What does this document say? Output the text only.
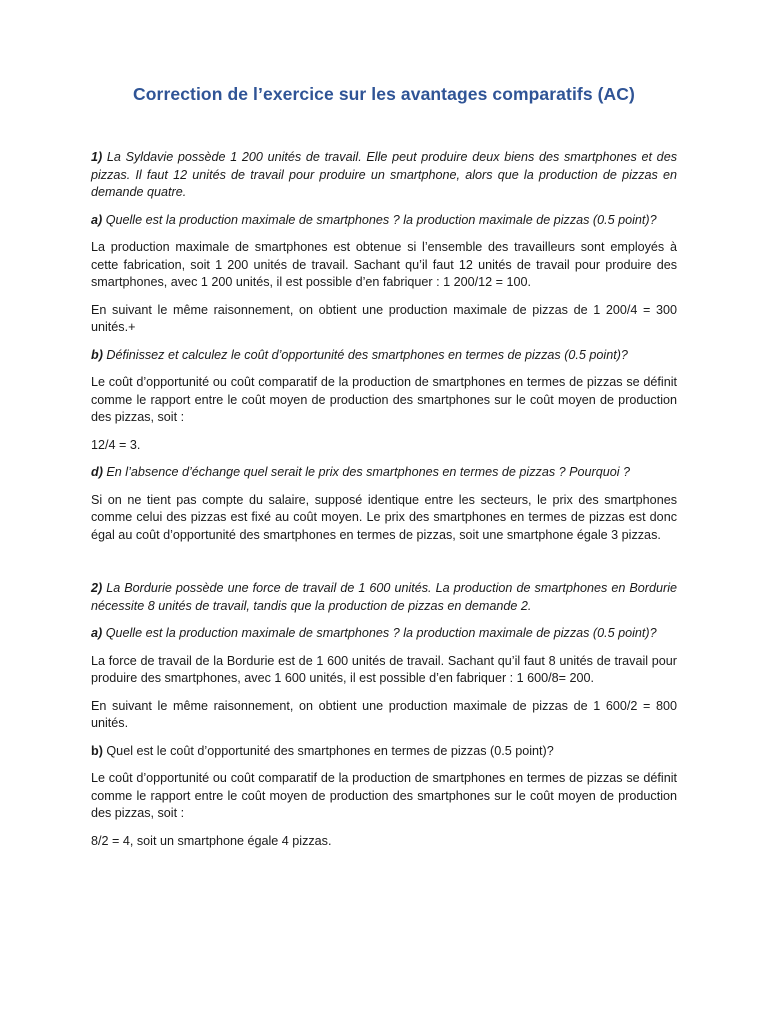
Correction de l’exercice sur les avantages comparatifs (AC)

1) La Syldavie possède 1 200 unités de travail. Elle peut produire deux biens des smartphones et des pizzas. Il faut 12 unités de travail pour produire un smartphone, alors que la production de pizzas en demande quatre.

a) Quelle est la production maximale de smartphones ? la production maximale de pizzas (0.5 point)?

La production maximale de smartphones est obtenue si l’ensemble des travailleurs sont employés à cette fabrication, soit 1 200 unités de travail. Sachant qu’il faut 12 unités de travail pour produire des smartphones, avec 1 200 unités, il est possible d’en fabriquer : 1 200/12 = 100.

En suivant le même raisonnement, on obtient une production maximale de pizzas de 1 200/4 = 300 unités.+

b) Définissez et calculez le coût d’opportunité des smartphones en termes de pizzas (0.5 point)?

Le coût d’opportunité ou coût comparatif de la production de smartphones en termes de pizzas se définit comme le rapport entre le coût moyen de production des smartphones sur le coût moyen de production des pizzas, soit :

12/4 = 3.

d) En l’absence d’échange quel serait le prix des smartphones en termes de pizzas ? Pourquoi ?

Si on ne tient pas compte du salaire, supposé identique entre les secteurs, le prix des smartphones comme celui des pizzas est fixé au coût moyen. Le prix des smartphones en termes de pizzas est donc égal au coût d’opportunité des smartphones en termes de pizzas, soit une smartphone égale 3 pizzas.

2) La Bordurie possède une force de travail de 1 600 unités. La production de smartphones en Bordurie nécessite 8 unités de travail, tandis que la production de pizzas en demande 2.

a) Quelle est la production maximale de smartphones ? la production maximale de pizzas (0.5 point)?

La force de travail de la Bordurie est de 1 600 unités de travail. Sachant qu’il faut 8 unités de travail pour produire des smartphones, avec 1 600 unités, il est possible d’en fabriquer : 1 600/8= 200.

En suivant le même raisonnement, on obtient une production maximale de pizzas de 1 600/2 = 800 unités.

b) Quel est le coût d’opportunité des smartphones en termes de pizzas (0.5 point)?

Le coût d’opportunité ou coût comparatif de la production de smartphones en termes de pizzas se définit comme le rapport entre le coût moyen de production des smartphones sur le coût moyen de production des pizzas, soit :

8/2 = 4, soit un smartphone égale 4 pizzas.
